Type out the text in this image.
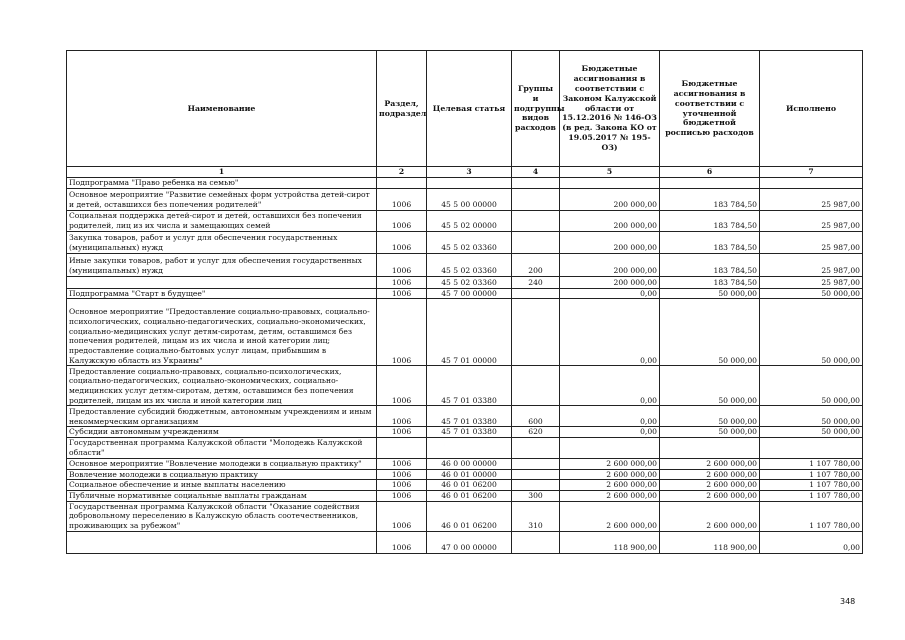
Наименование	Раздел, подраздел	Целевая статья	Группы и подгруппы видов расходов	Бюджетные ассигнования в соответствии с Законом Калужской области от 15.12.2016 № 146-ОЗ (в ред. Закона КО от 19.05.2017 № 195-ОЗ)	Бюджетные ассигнования в соответствии с уточненной бюджетной росписью расходов	Исполнено
1	2	3	4	5	6	7
Подпрограмма "Право ребенка на семью"						
Основное мероприятие "Развитие семейных форм устройства детей-сирот и детей, оставшихся без попечения родителей"	1006	45 5 00 00000		200 000,00	183 784,50	25 987,00
Социальная поддержка детей-сирот и детей, оставшихся без попечения родителей, лиц из их числа и замещающих семей	1006	45 5 02 00000		200 000,00	183 784,50	25 987,00
Закупка товаров, работ и услуг для обеспечения государственных (муниципальных) нужд	1006	45 5 02 03360		200 000,00	183 784,50	25 987,00
Иные закупки товаров, работ и услуг для обеспечения государственных (муниципальных) нужд	1006	45 5 02 03360	200	200 000,00	183 784,50	25 987,00
	1006	45 5 02 03360	240	200 000,00	183 784,50	25 987,00
Подпрограмма "Старт в будущее"	1006	45 7 00 00000		0,00	50 000,00	50 000,00
Основное мероприятие "Предоставление социально-правовых, социально-психологических, социально-педагогических, социально-экономических, социально-медицинских услуг детям-сиротам, детям, оставшимся без попечения родителей, лицам из их числа и иной категории лиц; предоставление социально-бытовых услуг лицам, прибывшим в Калужскую область из Украины"	1006	45 7 01 00000		0,00	50 000,00	50 000,00
Предоставление социально-правовых, социально-психологических, социально-педагогических, социально-экономических, социально-медицинских услуг детям-сиротам, детям, оставшимся без попечения родителей, лицам из их числа и иной категории лиц	1006	45 7 01 03380		0,00	50 000,00	50 000,00
Предоставление субсидий бюджетным, автономным учреждениям и иным некоммерческим организациям	1006	45 7 01 03380	600	0,00	50 000,00	50 000,00
Субсидии автономным учреждениям	1006	45 7 01 03380	620	0,00	50 000,00	50 000,00
Государственная программа Калужской области "Молодежь Калужской области"						
Основное мероприятие "Вовлечение молодежи в социальную практику"	1006	46 0 00 00000		2 600 000,00	2 600 000,00	1 107 780,00
Вовлечение молодежи в социальную практику	1006	46 0 01 00000		2 600 000,00	2 600 000,00	1 107 780,00
Социальное обеспечение и иные выплаты населению	1006	46 0 01 06200		2 600 000,00	2 600 000,00	1 107 780,00
Публичные нормативные социальные выплаты гражданам	1006	46 0 01 06200	300	2 600 000,00	2 600 000,00	1 107 780,00
Государственная программа Калужской области "Оказание содействия добровольному переселению в Калужскую область соотечественников, проживающих за рубежом"	1006	46 0 01 06200	310	2 600 000,00	2 600 000,00	1 107 780,00
	1006	47 0 00 00000		118 900,00	118 900,00	0,00
348
